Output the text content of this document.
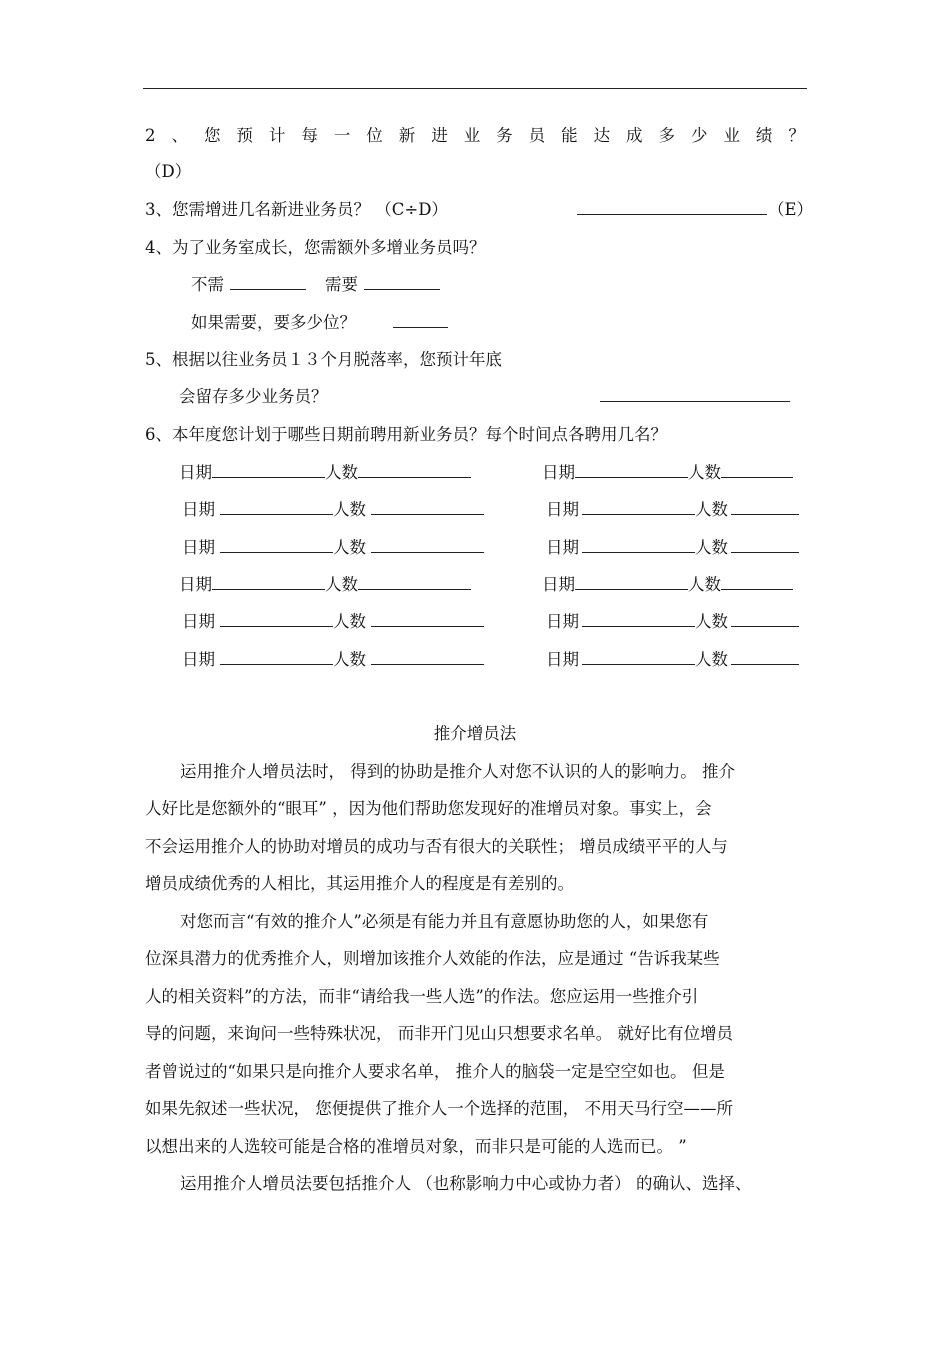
2 、 您 预 计 每 一 位 新 进 业 务 员 能 达 成 多 少 业 绩 ？
（D）
3、您需增进几名新进业务员？ （C÷D）	（E）
4、为了业务室成长，您需额外多增业务员吗？
不需	需要
如果需要，要多少位？
5、根据以往业务员１３个月脱落率，您预计年底
会留存多少业务员？
6、本年度您计划于哪些日期前聘用新业务员？每个时间点各聘用几名？
日期	人数
日期	人数
日期	人数
日期	人数
日期	人数
日期	人数
日期	人数
日期	人数
日期	人数
日期	人数
日期	人数
日期	人数
推介增员法
运用推介人增员法时， 得到的协助是推介人对您不认识的人的影响力。 推介
人好比是您额外的“眼耳” ，因为他们帮助您发现好的准增员对象。事实上，会
不会运用推介人的协助对增员的成功与否有很大的关联性； 增员成绩平平的人与
增员成绩优秀的人相比，其运用推介人的程度是有差别的。
对您而言“有效的推介人”必须是有能力并且有意愿协助您的人，如果您有
位深具潜力的优秀推介人，则增加该推介人效能的作法，应是通过 “告诉我某些
人的相关资料”的方法，而非“请给我一些人选”的作法。您应运用一些推介引
导的问题，来询问一些特殊状况， 而非开门见山只想要求名单。 就好比有位增员
者曾说过的“如果只是向推介人要求名单， 推介人的脑袋一定是空空如也。 但是
如果先叙述一些状况， 您便提供了推介人一个选择的范围， 不用天马行空——所
以想出来的人选较可能是合格的准增员对象，而非只是可能的人选而已。 ”
运用推介人增员法要包括推介人 （也称影响力中心或协力者） 的确认、选择、
